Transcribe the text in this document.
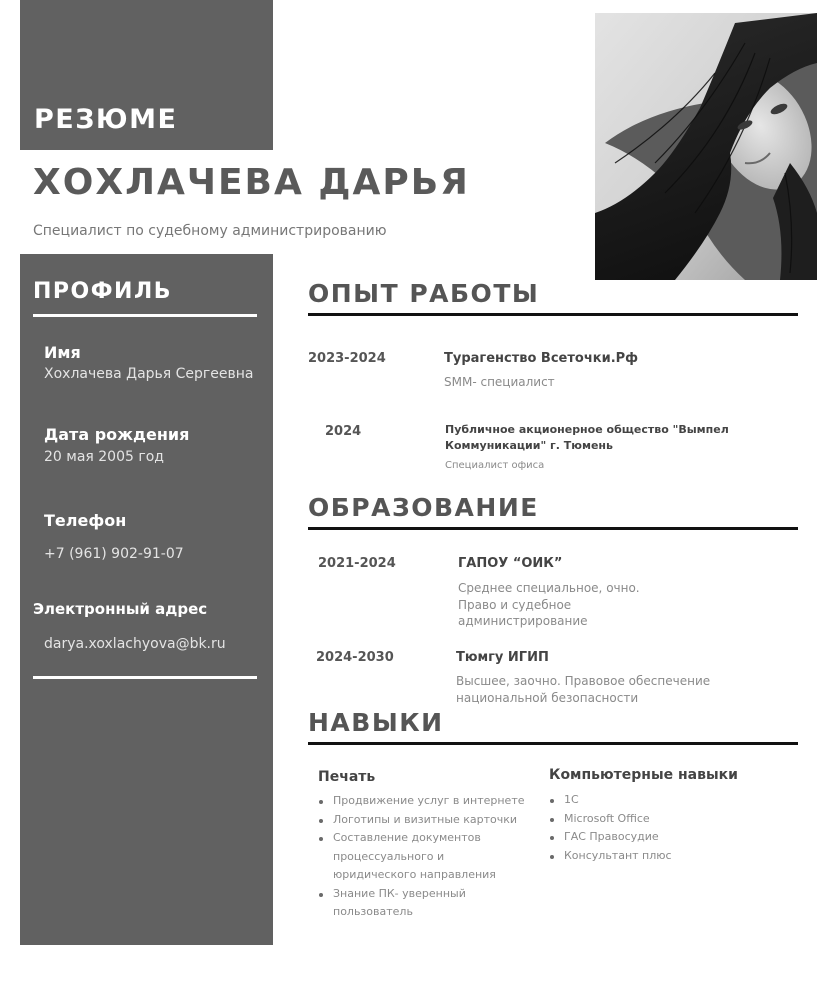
РЕЗЮМЕ
ХОХЛАЧЕВА ДАРЬЯ
Специалист по судебному администрированию
ПРОФИЛЬ
Имя
Хохлачева Дарья Сергеевна
Дата рождения
20 мая 2005 год
Телефон
+7 (961) 902-91-07
Электронный адрес
darya.xoxlachyova@bk.ru
ОПЫТ РАБОТЫ
2023-2024	Турагенство Всеточки.Рф
SMM- специалист
2024	Публичное акционерное общество "Вымпел Коммуникации" г. Тюмень
Специалист офиса
ОБРАЗОВАНИЕ
2021-2024	ГАПОУ “ОИК”
Среднее специальное, очно. Право и судебное администрирование
2024-2030	Тюмгу ИГИП
Высшее, заочно. Правовое обеспечение национальной безопасности
НАВЫКИ
Печать
Продвижение услуг в интернете
Логотипы и визитные карточки
Составление документов процессуального и юридического направления
Знание ПК- уверенный пользователь
Компьютерные навыки
1С
Microsoft Office
ГАС Правосудие
Консультант плюс
